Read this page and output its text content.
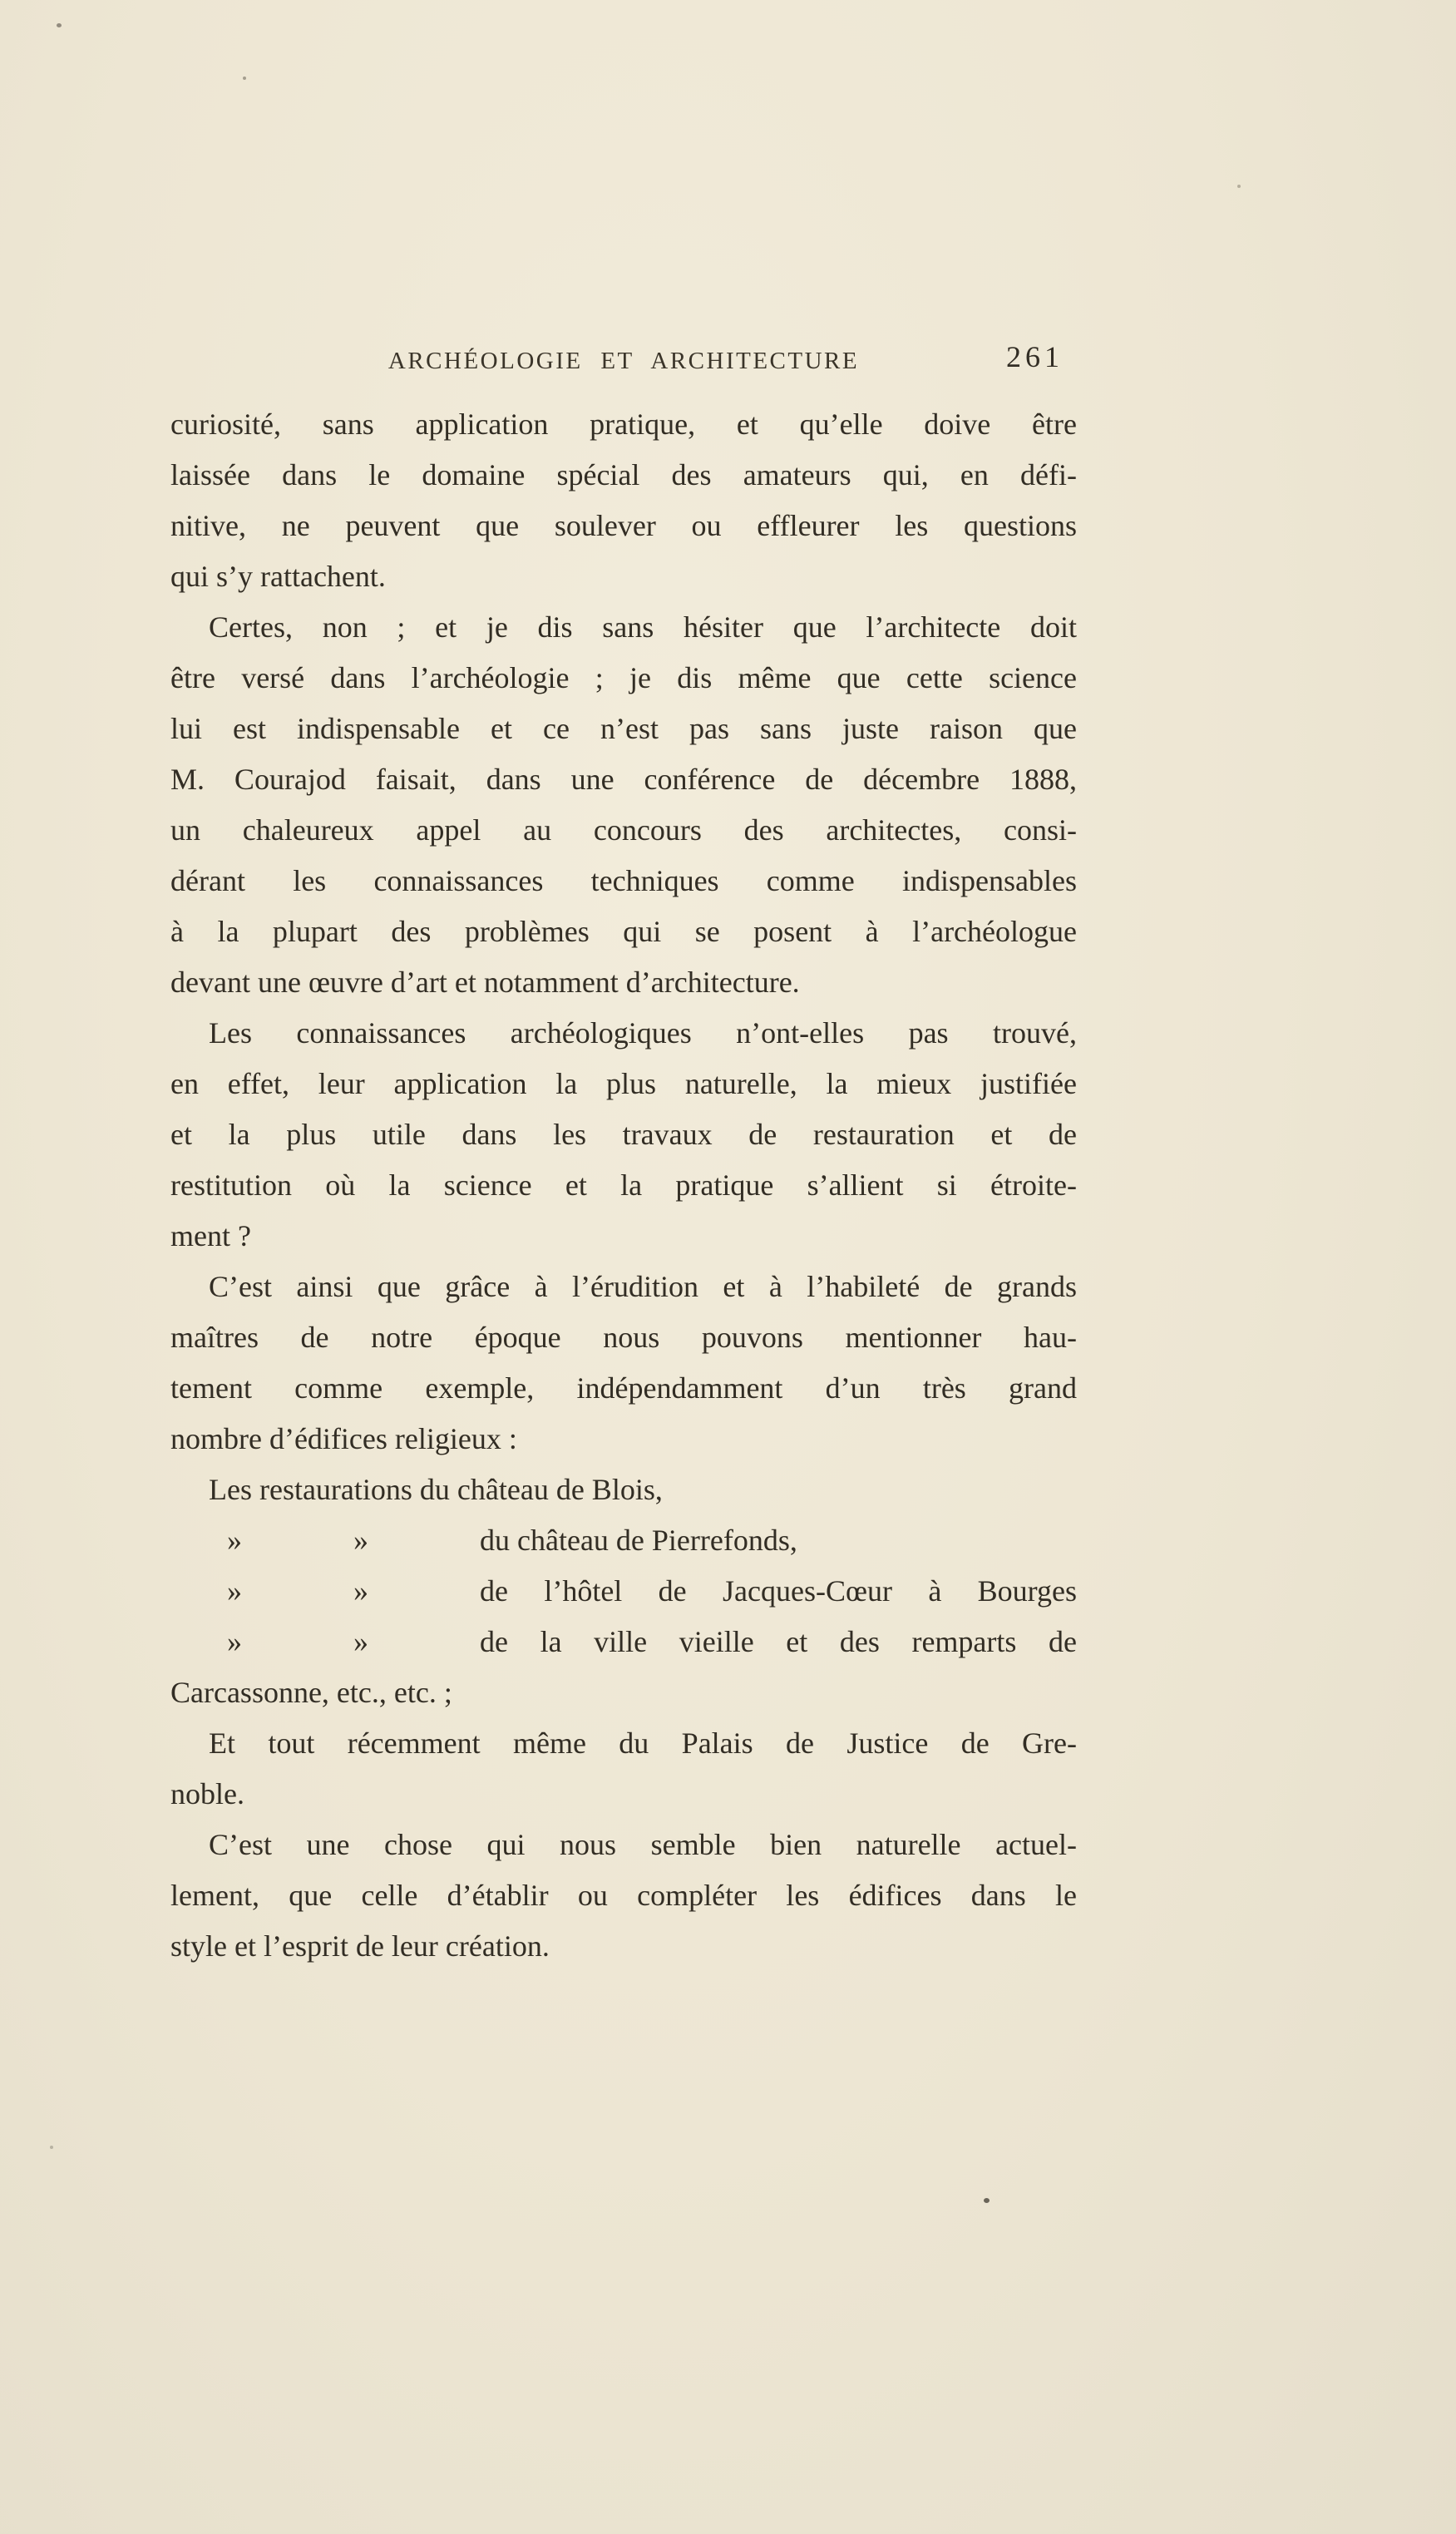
ARCHÉOLOGIE ET ARCHITECTURE	261
curiosité, sans application pratique, et qu’elle doive être
laissée dans le domaine spécial des amateurs qui, en défi-
nitive, ne peuvent que soulever ou effleurer les questions
qui s’y rattachent.
Certes, non ; et je dis sans hésiter que l’architecte doit
être versé dans l’archéologie ; je dis même que cette science
lui est indispensable et ce n’est pas sans juste raison que
M. Courajod faisait, dans une conférence de décembre 1888,
un chaleureux appel au concours des architectes, consi-
dérant les connaissances techniques comme indispensables
à la plupart des problèmes qui se posent à l’archéologue
devant une œuvre d’art et notamment d’architecture.
Les connaissances archéologiques n’ont-elles pas trouvé,
en effet, leur application la plus naturelle, la mieux justifiée
et la plus utile dans les travaux de restauration et de
restitution où la science et la pratique s’allient si étroite-
ment ?
C’est ainsi que grâce à l’érudition et à l’habileté de grands
maîtres de notre époque nous pouvons mentionner hau-
tement comme exemple, indépendamment d’un très grand
nombre d’édifices religieux :
Les restaurations du château de Blois,
»	»	du château de Pierrefonds,
»	»	de l’hôtel de Jacques-Cœur à Bourges
»	»	de la ville vieille et des remparts de
Carcassonne, etc., etc. ;
Et tout récemment même du Palais de Justice de Gre-
noble.
C’est une chose qui nous semble bien naturelle actuel-
lement, que celle d’établir ou compléter les édifices dans le
style et l’esprit de leur création.
